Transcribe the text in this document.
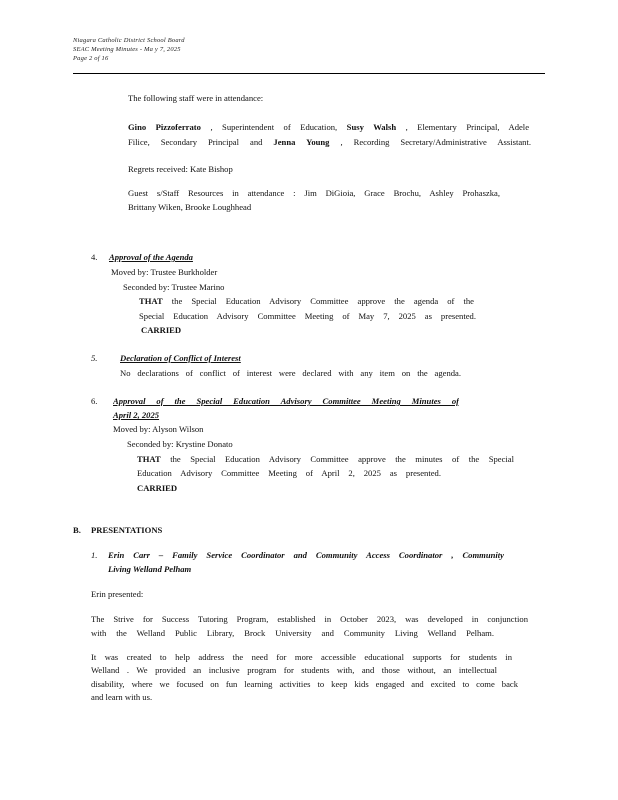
Niagara Catholic District School Board
SEAC Meeting Minutes - Ma y 7, 2025
Page 2 of 16
The following staff were in attendance:
Gino Pizzoferrato , Superintendent of Education, Susy Walsh , Elementary Principal, Adele
Filice, Secondary Principal and Jenna Young , Recording Secretary/Administrative Assistant.
Regrets received: Kate Bishop
Guest s/Staff Resources in attendance : Jim DiGioia, Grace Brochu, Ashley Prohaszka,
Brittany Wiken, Brooke Loughhead
4. Approval of the Agenda
Moved by: Trustee Burkholder
Seconded by: Trustee Marino
THAT the Special Education Advisory Committee approve the agenda of the
Special Education Advisory Committee Meeting of May 7, 2025 as presented.
CARRIED
5.	Declaration of Conflict of Interest
No declarations of conflict of interest were declared with any item on the agenda.
6. Approval of the Special Education Advisory Committee Meeting Minutes of
April 2, 2025
Moved by: Alyson Wilson
Seconded by: Krystine Donato
THAT the Special Education Advisory Committee approve the minutes of the Special
Education Advisory Committee Meeting of April 2, 2025 as presented.
CARRIED
B. PRESENTATIONS
1. Erin Carr – Family Service Coordinator and Community Access Coordinator , Community
Living Welland Pelham
Erin presented:
The Strive for Success Tutoring Program, established in October 2023, was developed in conjunction
with the Welland Public Library, Brock University and Community Living Welland Pelham.
It was created to help address the need for more accessible educational supports for students in
Welland . We provided an inclusive program for students with, and those without, an intellectual
disability, where we focused on fun learning activities to keep kids engaged and excited to come back
and learn with us.
